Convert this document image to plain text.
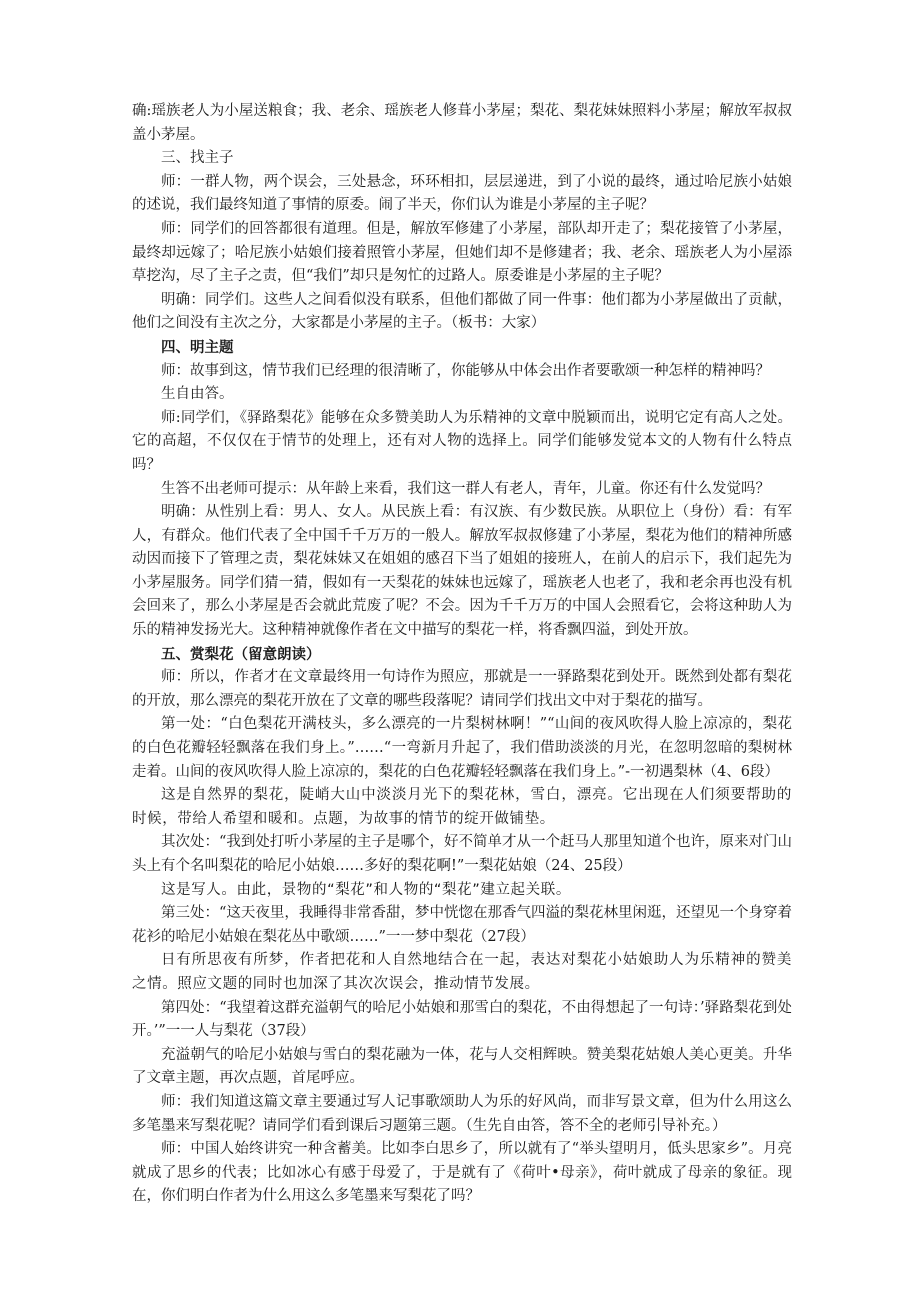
确:瑶族老人为小屋送粮食；我、老余、瑶族老人修葺小茅屋；梨花、梨花妹妹照料小茅屋；解放军叔叔盖小茅屋。

三、找主子

师：一群人物，两个误会，三处悬念，环环相扣，层层递进，到了小说的最终，通过哈尼族小姑娘的述说，我们最终知道了事情的原委。闹了半天，你们认为谁是小茅屋的主子呢？

师：同学们的回答都很有道理。但是，解放军修建了小茅屋，部队却开走了；梨花接管了小茅屋，最终却远嫁了；哈尼族小姑娘们接着照管小茅屋，但她们却不是修建者；我、老余、瑶族老人为小屋添草挖沟，尽了主子之责，但“我们”却只是匆忙的过路人。原委谁是小茅屋的主子呢？

明确：同学们。这些人之间看似没有联系，但他们都做了同一件事：他们都为小茅屋做出了贡献，他们之间没有主次之分，大家都是小茅屋的主子。（板书：大家）

四、明主题

师：故事到这，情节我们已经理的很清晰了，你能够从中体会出作者要歌颂一种怎样的精神吗？

生自由答。

师:同学们，《驿路梨花》能够在众多赞美助人为乐精神的文章中脱颖而出，说明它定有高人之处。它的高超，不仅仅在于情节的处理上，还有对人物的选择上。同学们能够发觉本文的人物有什么特点吗？

生答不出老师可提示：从年龄上来看，我们这一群人有老人，青年，儿童。你还有什么发觉吗？

明确：从性别上看：男人、女人。从民族上看：有汉族、有少数民族。从职位上（身份）看：有军人，有群众。他们代表了全中国千千万万的一般人。解放军叔叔修建了小茅屋，梨花为他们的精神所感动因而接下了管理之责，梨花妹妹又在姐姐的感召下当了姐姐的接班人，在前人的启示下，我们起先为小茅屋服务。同学们猜一猜，假如有一天梨花的妹妹也远嫁了，瑶族老人也老了，我和老余再也没有机会回来了，那么小茅屋是否会就此荒废了呢？不会。因为千千万万的中国人会照看它，会将这种助人为乐的精神发扬光大。这种精神就像作者在文中描写的梨花一样，将香飘四溢，到处开放。

五、赏梨花（留意朗读）

师：所以，作者才在文章最终用一句诗作为照应，那就是一一驿路梨花到处开。既然到处都有梨花的开放，那么漂亮的梨花开放在了文章的哪些段落呢？请同学们找出文中对于梨花的描写。

第一处：“白色梨花开满枝头，多么漂亮的一片梨树林啊！”“山间的夜风吹得人脸上凉凉的，梨花的白色花瓣轻轻飘落在我们身上。”……“一弯新月升起了，我们借助淡淡的月光，在忽明忽暗的梨树林走着。山间的夜风吹得人脸上凉凉的，梨花的白色花瓣轻轻飘落在我们身上。”-一初遇梨林（4、6段）

这是自然界的梨花，陡峭大山中淡淡月光下的梨花林，雪白，漂亮。它出现在人们须要帮助的时候，带给人希望和暖和。点题，为故事的情节的绽开做铺垫。

其次处：“我到处打听小茅屋的主子是哪个，好不简单才从一个赶马人那里知道个也许，原来对门山头上有个名叫梨花的哈尼小姑娘……多好的梨花啊!”一梨花姑娘（24、25段）

这是写人。由此，景物的“梨花”和人物的“梨花”建立起关联。

第三处：“这天夜里，我睡得非常香甜，梦中恍惚在那香气四溢的梨花林里闲逛，还望见一个身穿着花衫的哈尼小姑娘在梨花丛中歌颂……”一一梦中梨花（27段）

日有所思夜有所梦，作者把花和人自然地结合在一起，表达对梨花小姑娘助人为乐精神的赞美之情。照应文题的同时也加深了其次次误会，推动情节发展。

第四处：“我望着这群充溢朝气的哈尼小姑娘和那雪白的梨花，不由得想起了一句诗：’驿路梨花到处开。’”一一人与梨花（37段）

充溢朝气的哈尼小姑娘与雪白的梨花融为一体，花与人交相辉映。赞美梨花姑娘人美心更美。升华了文章主题，再次点题，首尾呼应。

师：我们知道这篇文章主要通过写人记事歌颂助人为乐的好风尚，而非写景文章，但为什么用这么多笔墨来写梨花呢？请同学们看到课后习题第三题。（生先自由答，答不全的老师引导补充。）

师：中国人始终讲究一种含蓄美。比如李白思乡了，所以就有了“举头望明月，低头思家乡”。月亮就成了思乡的代表；比如冰心有感于母爱了，于是就有了《荷叶•母亲》，荷叶就成了母亲的象征。现在，你们明白作者为什么用这么多笔墨来写梨花了吗？
